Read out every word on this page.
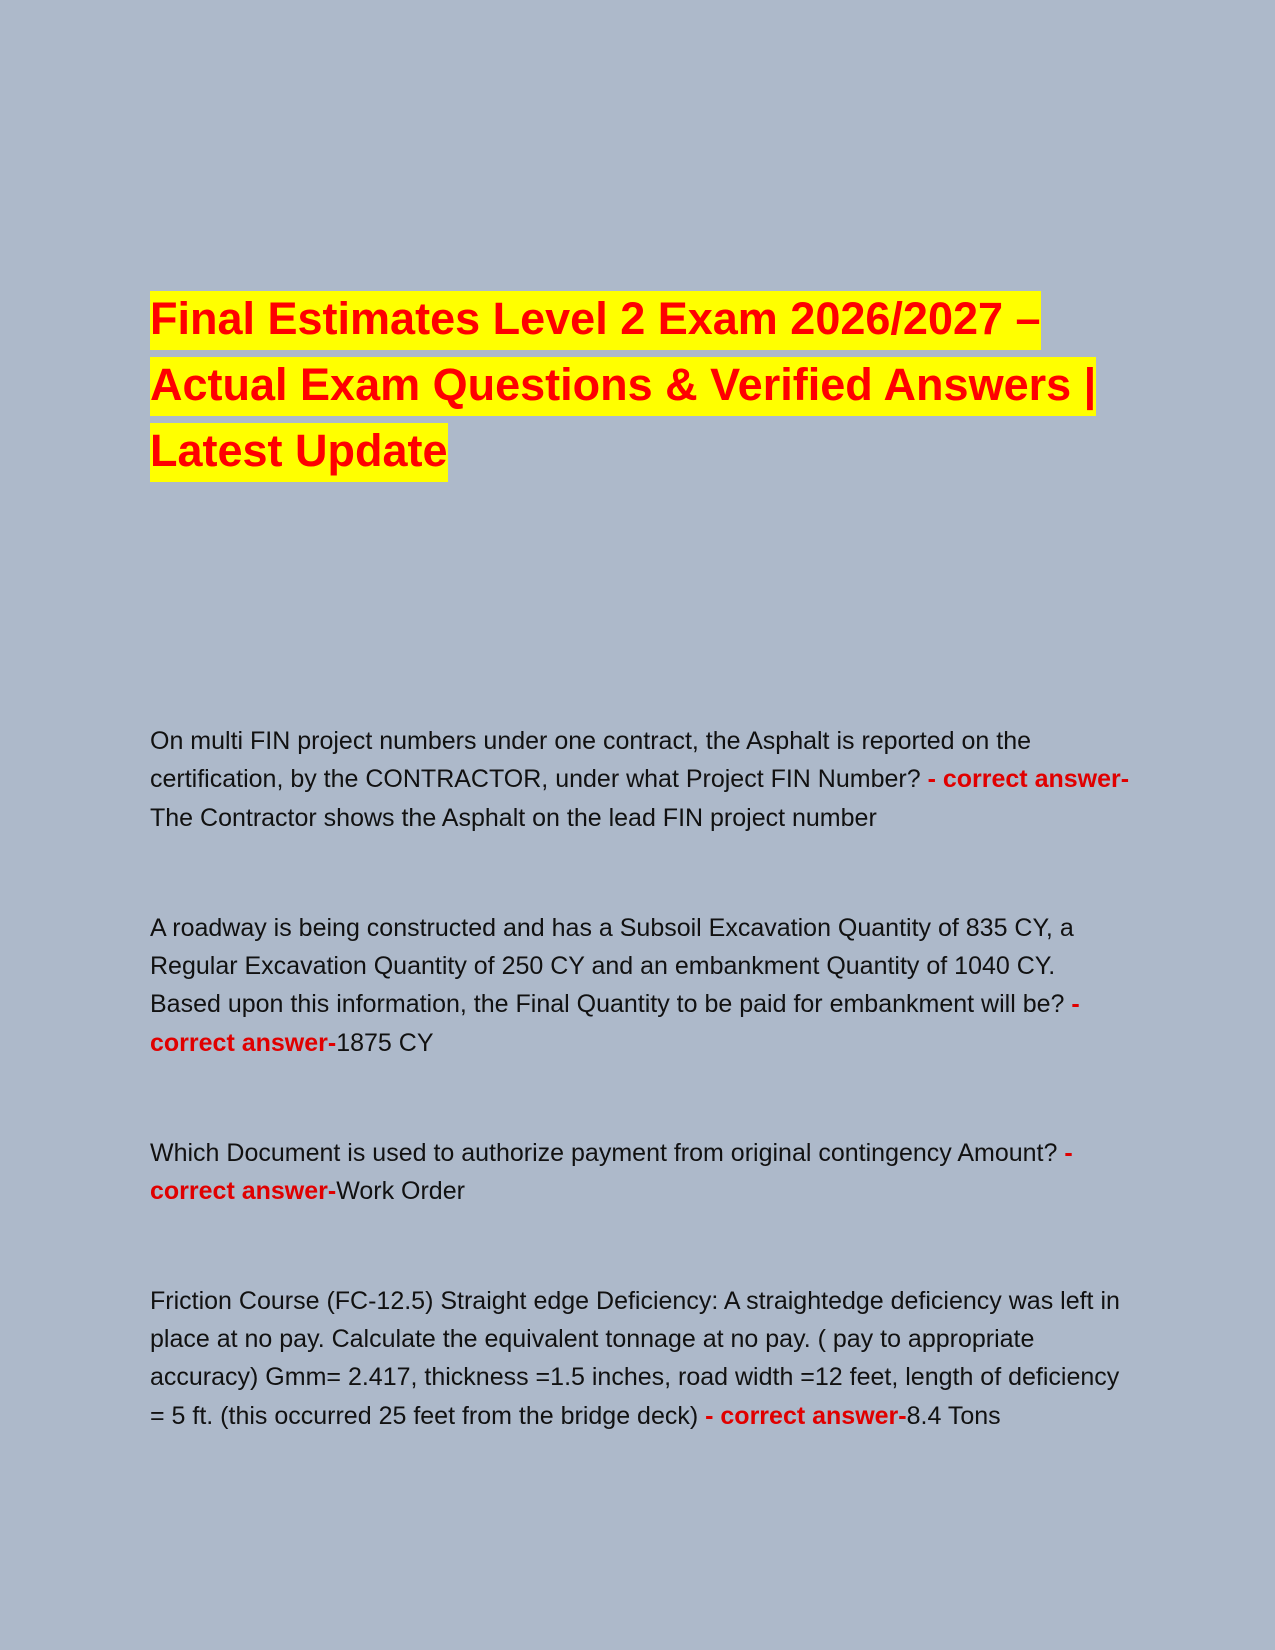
Final Estimates Level 2 Exam 2026/2027 – Actual Exam Questions & Verified Answers | Latest Update

On multi FIN project numbers under one contract, the Asphalt is reported on the certification, by the CONTRACTOR, under what Project FIN Number? - correct answer-The Contractor shows the Asphalt on the lead FIN project number

A roadway is being constructed and has a Subsoil Excavation Quantity of 835 CY, a Regular Excavation Quantity of 250 CY and an embankment Quantity of 1040 CY. Based upon this information, the Final Quantity to be paid for embankment will be? - correct answer-1875 CY

Which Document is used to authorize payment from original contingency Amount? - correct answer-Work Order

Friction Course (FC-12.5) Straight edge Deficiency: A straightedge deficiency was left in place at no pay. Calculate the equivalent tonnage at no pay. ( pay to appropriate accuracy) Gmm= 2.417, thickness =1.5 inches, road width =12 feet, length of deficiency = 5 ft. (this occurred 25 feet from the bridge deck) - correct answer-8.4 Tons
